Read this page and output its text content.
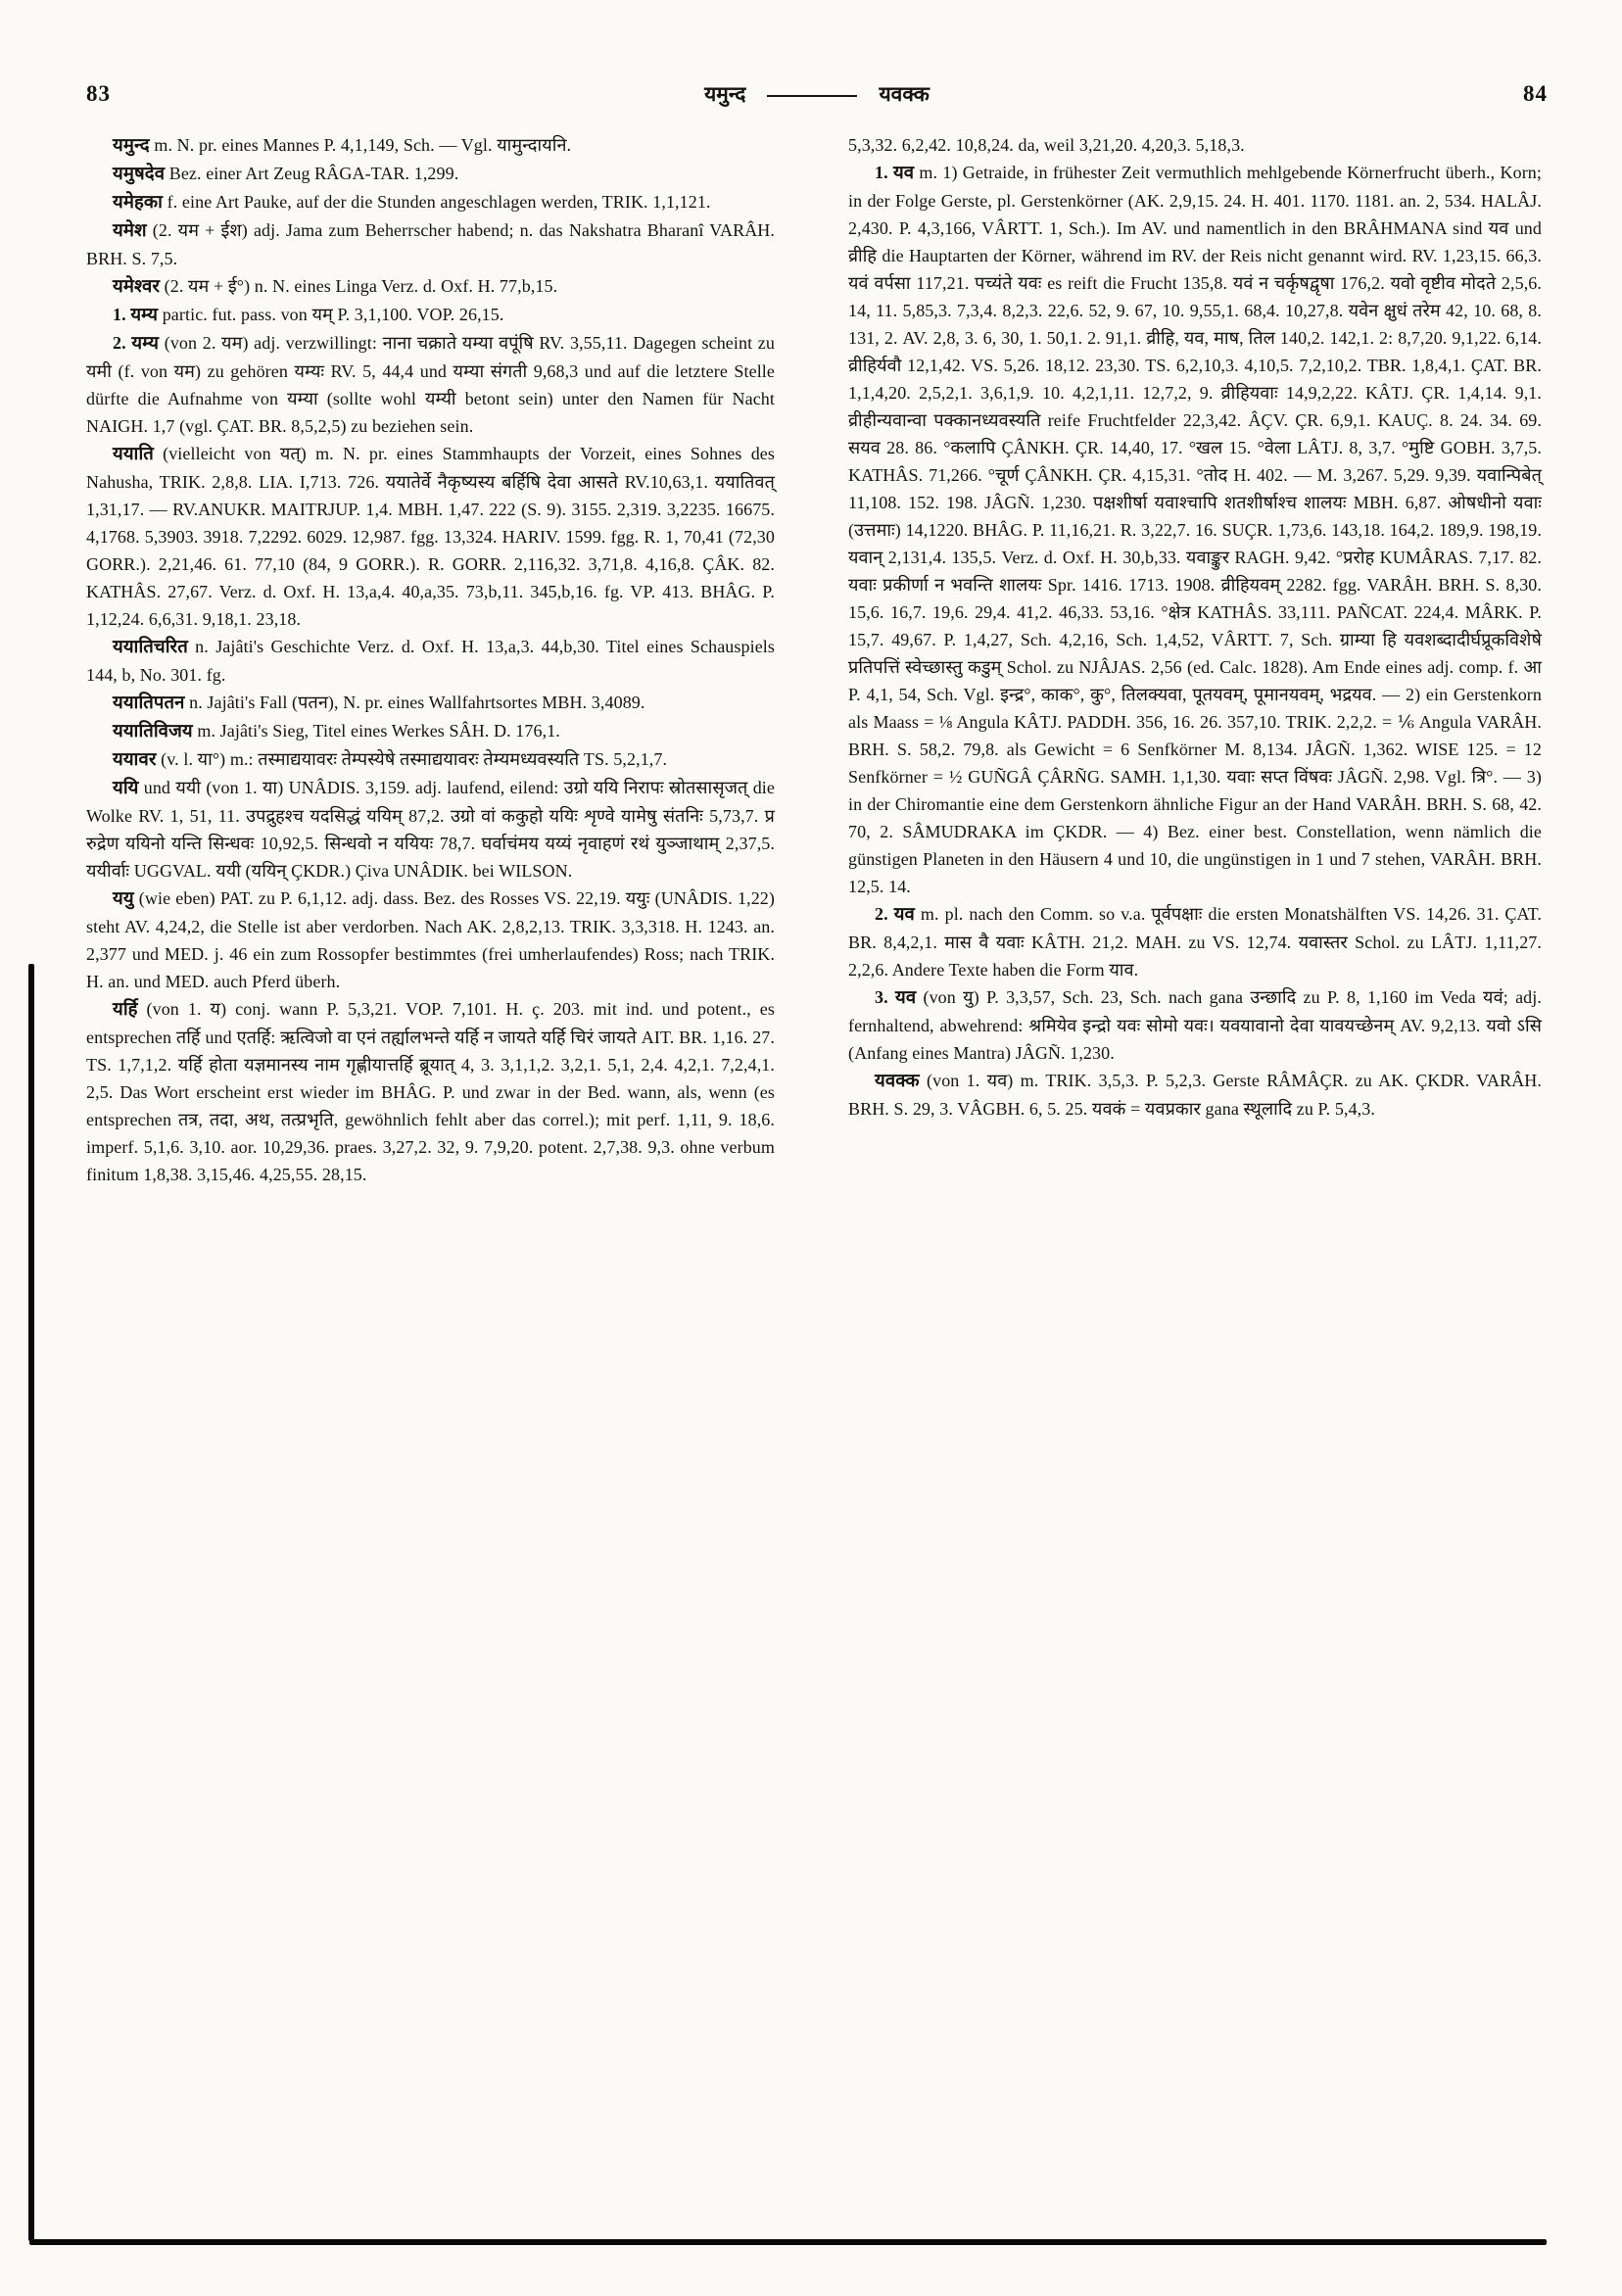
83	यमुन्द	यवक्क	84

यमुन्द m. N. pr. eines Mannes P. 4,1,149, Sch. — Vgl. यामुन्दायनि.

यमुषदेव Bez. einer Art Zeug RÂGA-TAR. 1,299.

यमेहका f. eine Art Pauke, auf der die Stunden angeschlagen werden, TRIK. 1,1,121.

यमेश (2. यम + ईश) adj. Jama zum Beherrscher habend; n. das Nakshatra Bharanî VARÂH. BRH. S. 7,5.

यमेश्वर (2. यम + ई°) n. N. eines Linga Verz. d. Oxf. H. 77,b,15.

1. यम्य partic. fut. pass. von यम् P. 3,1,100. VOP. 26,15.

2. यम्य (von 2. यम) adj. verzwillingt: नाना चक्राते यम्या वपूंषि RV. 3,55,11. Dagegen scheint zu यमी (f. von यम) zu gehören यम्यः RV. 5, 44,4 und यम्या संगती 9,68,3 und auf die letztere Stelle dürfte die Aufnahme von यम्या (sollte wohl यम्यी betont sein) unter den Namen für Nacht NAIGH. 1,7 (vgl. ÇAT. BR. 8,5,2,5) zu beziehen sein.

ययाति (vielleicht von यत्) m. N. pr. eines Stammhaupts der Vorzeit, eines Sohnes des Nahusha, TRIK. 2,8,8. LIA. I,713. 726. ययातेर्वे नैकृष्यस्य बर्हिषि देवा आसते RV.10,63,1. ययातिवत् 1,31,17. — RV.ANUKR. MAITRJUP. 1,4. MBH. 1,47. 222 (S. 9). 3155. 2,319. 3,2235. 16675. 4,1768. 5,3903. 3918. 7,2292. 6029. 12,987. fgg. 13,324. HARIV. 1599. fgg. R. 1, 70,41 (72,30 GORR.). 2,21,46. 61. 77,10 (84, 9 GORR.). R. GORR. 2,116,32. 3,71,8. 4,16,8. ÇÂK. 82. KATHÂS. 27,67. Verz. d. Oxf. H. 13,a,4. 40,a,35. 73,b,11. 345,b,16. fg. VP. 413. BHÂG. P. 1,12,24. 6,6,31. 9,18,1. 23,18.

ययातिचरित n. Jajâti's Geschichte Verz. d. Oxf. H. 13,a,3. 44,b,30. Titel eines Schauspiels 144, b, No. 301. fg.

ययातिपतन n. Jajâti's Fall (पतन), N. pr. eines Wallfahrtsortes MBH. 3,4089.

ययातिविजय m. Jajâti's Sieg, Titel eines Werkes SÂH. D. 176,1.

ययावर (v. l. या°) m.: तस्माद्ययावरः तेम्पस्येषे तस्माद्ययावरः तेम्यमध्यवस्यति TS. 5,2,1,7.

ययि und ययी (von 1. या) UNÂDIS. 3,159. adj. laufend, eilend: उग्रो ययि निरापः स्रोतसासृजत् die Wolke RV. 1, 51, 11. उपद्रुहश्च यदसिद्धं ययिम् 87,2. उग्रो वां ककुहो ययिः शृण्वे यामेषु संतनिः 5,73,7. प्र रुद्रेण ययिनो यन्ति सिन्धवः 10,92,5. सिन्धवो न ययियः 78,7. घर्वाचंमय यय्यं नृवाहणं रथं युञ्जाथाम् 2,37,5. ययीर्वाः UGGVAL. ययी (ययिन् ÇKDR.) Çiva UNÂDIK. bei WILSON.

ययु (wie eben) PAT. zu P. 6,1,12. adj. dass. Bez. des Rosses VS. 22,19. ययुः (UNÂDIS. 1,22) steht AV. 4,24,2, die Stelle ist aber verdorben. Nach AK. 2,8,2,13. TRIK. 3,3,318. H. 1243. an. 2,377 und MED. j. 46 ein zum Rossopfer bestimmtes (frei umherlaufendes) Ross; nach TRIK. H. an. und MED. auch Pferd überh.

यर्हि (von 1. य) conj. wann P. 5,3,21. VOP. 7,101. H. ç. 203. mit ind. und potent., es entsprechen तर्हि und एतर्हि: ऋत्विजो वा एनं तर्ह्यालभन्ते यर्हि न जायते यर्हि चिरं जायते AIT. BR. 1,16. 27. TS. 1,7,1,2. यर्हि होता यज्ञमानस्य नाम गृह्णीयात्तर्हि ब्रूयात् 4, 3. 3,1,1,2. 3,2,1. 5,1, 2,4. 4,2,1. 7,2,4,1. 2,5. Das Wort erscheint erst wieder im BHÂG. P. und zwar in der Bed. wann, als, wenn (es entsprechen तत्र, तदा, अथ, तत्प्रभृति, gewöhnlich fehlt aber das correl.); mit perf. 1,11, 9. 18,6. imperf. 5,1,6. 3,10. aor. 10,29,36. praes. 3,27,2. 32, 9. 7,9,20. potent. 2,7,38. 9,3. ohne verbum finitum 1,8,38. 3,15,46. 4,25,55. 28,15.

5,3,32. 6,2,42. 10,8,24. da, weil 3,21,20. 4,20,3. 5,18,3.

1. यव m. 1) Getraide, in frühester Zeit vermuthlich mehlgebende Körnerfrucht überh., Korn; in der Folge Gerste, pl. Gerstenkörner (AK. 2,9,15. 24. H. 401. 1170. 1181. an. 2, 534. HALÂJ. 2,430. P. 4,3,166, VÂRTT. 1, Sch.). Im AV. und namentlich in den BRÂHMANA sind यव und व्रीहि die Hauptarten der Körner, während im RV. der Reis nicht genannt wird. RV. 1,23,15. 66,3. यवं वर्पसा 117,21. पच्यंते यवः es reift die Frucht 135,8. यवं न चर्कृषद्वृषा 176,2. यवो वृष्टीव मोदते 2,5,6. 14, 11. 5,85,3. 7,3,4. 8,2,3. 22,6. 52, 9. 67, 10. 9,55,1. 68,4. 10,27,8. यवेन क्षुधं तरेम 42, 10. 68, 8. 131, 2. AV. 2,8, 3. 6, 30, 1. 50,1. 2. 91,1. व्रीहि, यव, माष, तिल 140,2. 142,1. 2: 8,7,20. 9,1,22. 6,14. व्रीहिर्यवौ 12,1,42. VS. 5,26. 18,12. 23,30. TS. 6,2,10,3. 4,10,5. 7,2,10,2. TBR. 1,8,4,1. ÇAT. BR. 1,1,4,20. 2,5,2,1. 3,6,1,9. 10. 4,2,1,11. 12,7,2, 9. व्रीहियवाः 14,9,2,22. KÂTJ. ÇR. 1,4,14. 9,1. व्रीहीन्यवान्वा पक्कानध्यवस्यति reife Fruchtfelder 22,3,42. ÂÇV. ÇR. 6,9,1. KAUÇ. 8. 24. 34. 69. सयव 28. 86. °कलापि ÇÂNKH. ÇR. 14,40, 17. °खल 15. °वेला LÂTJ. 8, 3,7. °मुष्टि GOBH. 3,7,5. KATHÂS. 71,266. °चूर्ण ÇÂNKH. ÇR. 4,15,31. °तोद H. 402. — M. 3,267. 5,29. 9,39. यवान्पिबेत् 11,108. 152. 198. JÂGÑ. 1,230. पक्षशीर्षा यवाश्चापि शतशीर्षाश्च शालयः MBH. 6,87. ओषधीनो यवाः (उत्तमाः) 14,1220. BHÂG. P. 11,16,21. R. 3,22,7. 16. SUÇR. 1,73,6. 143,18. 164,2. 189,9. 198,19. यवान् 2,131,4. 135,5. Verz. d. Oxf. H. 30,b,33. यवाङ्कुर RAGH. 9,42. °प्ररोह KUMÂRAS. 7,17. 82. यवाः प्रकीर्णा न भवन्ति शालयः Spr. 1416. 1713. 1908. व्रीहियवम् 2282. fgg. VARÂH. BRH. S. 8,30. 15,6. 16,7. 19,6. 29,4. 41,2. 46,33. 53,16. °क्षेत्र KATHÂS. 33,111. PAÑCAT. 224,4. MÂRK. P. 15,7. 49,67. P. 1,4,27, Sch. 4,2,16, Sch. 1,4,52, VÂRTT. 7, Sch. ग्राम्या हि यवशब्दादीर्घप्रूकविशेषे प्रतिपत्तिं स्वेच्छास्तु कडुम् Schol. zu NJÂJAS. 2,56 (ed. Calc. 1828). Am Ende eines adj. comp. f. आ P. 4,1, 54, Sch. Vgl. इन्द्र°, काक°, कु°, तिलक्यवा, पूतयवम्, पूमानयवम्, भद्रयव. — 2) ein Gerstenkorn als Maass = ⅛ Angula KÂTJ. PADDH. 356, 16. 26. 357,10. TRIK. 2,2,2. = ⅙ Angula VARÂH. BRH. S. 58,2. 79,8. als Gewicht = 6 Senfkörner M. 8,134. JÂGÑ. 1,362. WISE 125. = 12 Senfkörner = ½ GUÑGÂ ÇÂRÑG. SAMH. 1,1,30. यवाः सप्त विंषवः JÂGÑ. 2,98. Vgl. त्रि°. — 3) in der Chiromantie eine dem Gerstenkorn ähnliche Figur an der Hand VARÂH. BRH. S. 68, 42. 70, 2. SÂMUDRAKA im ÇKDR. — 4) Bez. einer best. Constellation, wenn nämlich die günstigen Planeten in den Häusern 4 und 10, die ungünstigen in 1 und 7 stehen, VARÂH. BRH. 12,5. 14.

2. यव m. pl. nach den Comm. so v.a. पूर्वपक्षाः die ersten Monatshälften VS. 14,26. 31. ÇAT. BR. 8,4,2,1. मास वै यवाः KÂTH. 21,2. MAH. zu VS. 12,74. यवास्तर Schol. zu LÂTJ. 1,11,27. 2,2,6. Andere Texte haben die Form याव.

3. यव (von यु) P. 3,3,57, Sch. 23, Sch. nach gana उन्छादि zu P. 8, 1,160 im Veda यवं; adj. fernhaltend, abwehrend: श्रमियेव इन्द्रो यवः सोमो यवः। यवयावानो देवा यावयच्छेनम् AV. 9,2,13. यवो ऽसि (Anfang eines Mantra) JÂGÑ. 1,230.

यवक्क (von 1. यव) m. TRIK. 3,5,3. P. 5,2,3. Gerste RÂMÂÇR. zu AK. ÇKDR. VARÂH. BRH. S. 29, 3. VÂGBH. 6, 5. 25. यवकं = यवप्रकार gana स्थूलादि zu P. 5,4,3.
